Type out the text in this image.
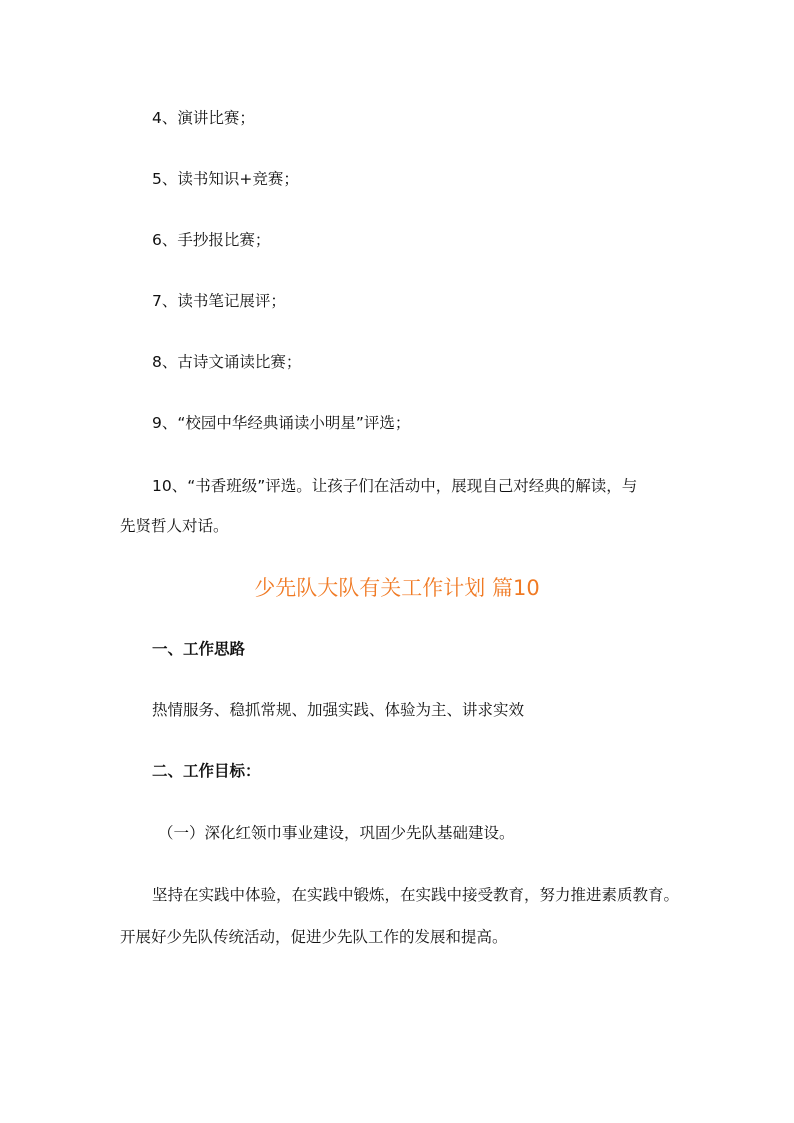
4、演讲比赛；
5、读书知识+竞赛；
6、手抄报比赛；
7、读书笔记展评；
8、古诗文诵读比赛；
9、“校园中华经典诵读小明星”评选；
10、“书香班级”评选。让孩子们在活动中，展现自己对经典的解读，与
先贤哲人对话。
少先队大队有关工作计划 篇10
一、工作思路
热情服务、稳抓常规、加强实践、体验为主、讲求实效
二、工作目标：
（一）深化红领巾事业建设，巩固少先队基础建设。
坚持在实践中体验，在实践中锻炼，在实践中接受教育，努力推进素质教育。
开展好少先队传统活动，促进少先队工作的发展和提高。
